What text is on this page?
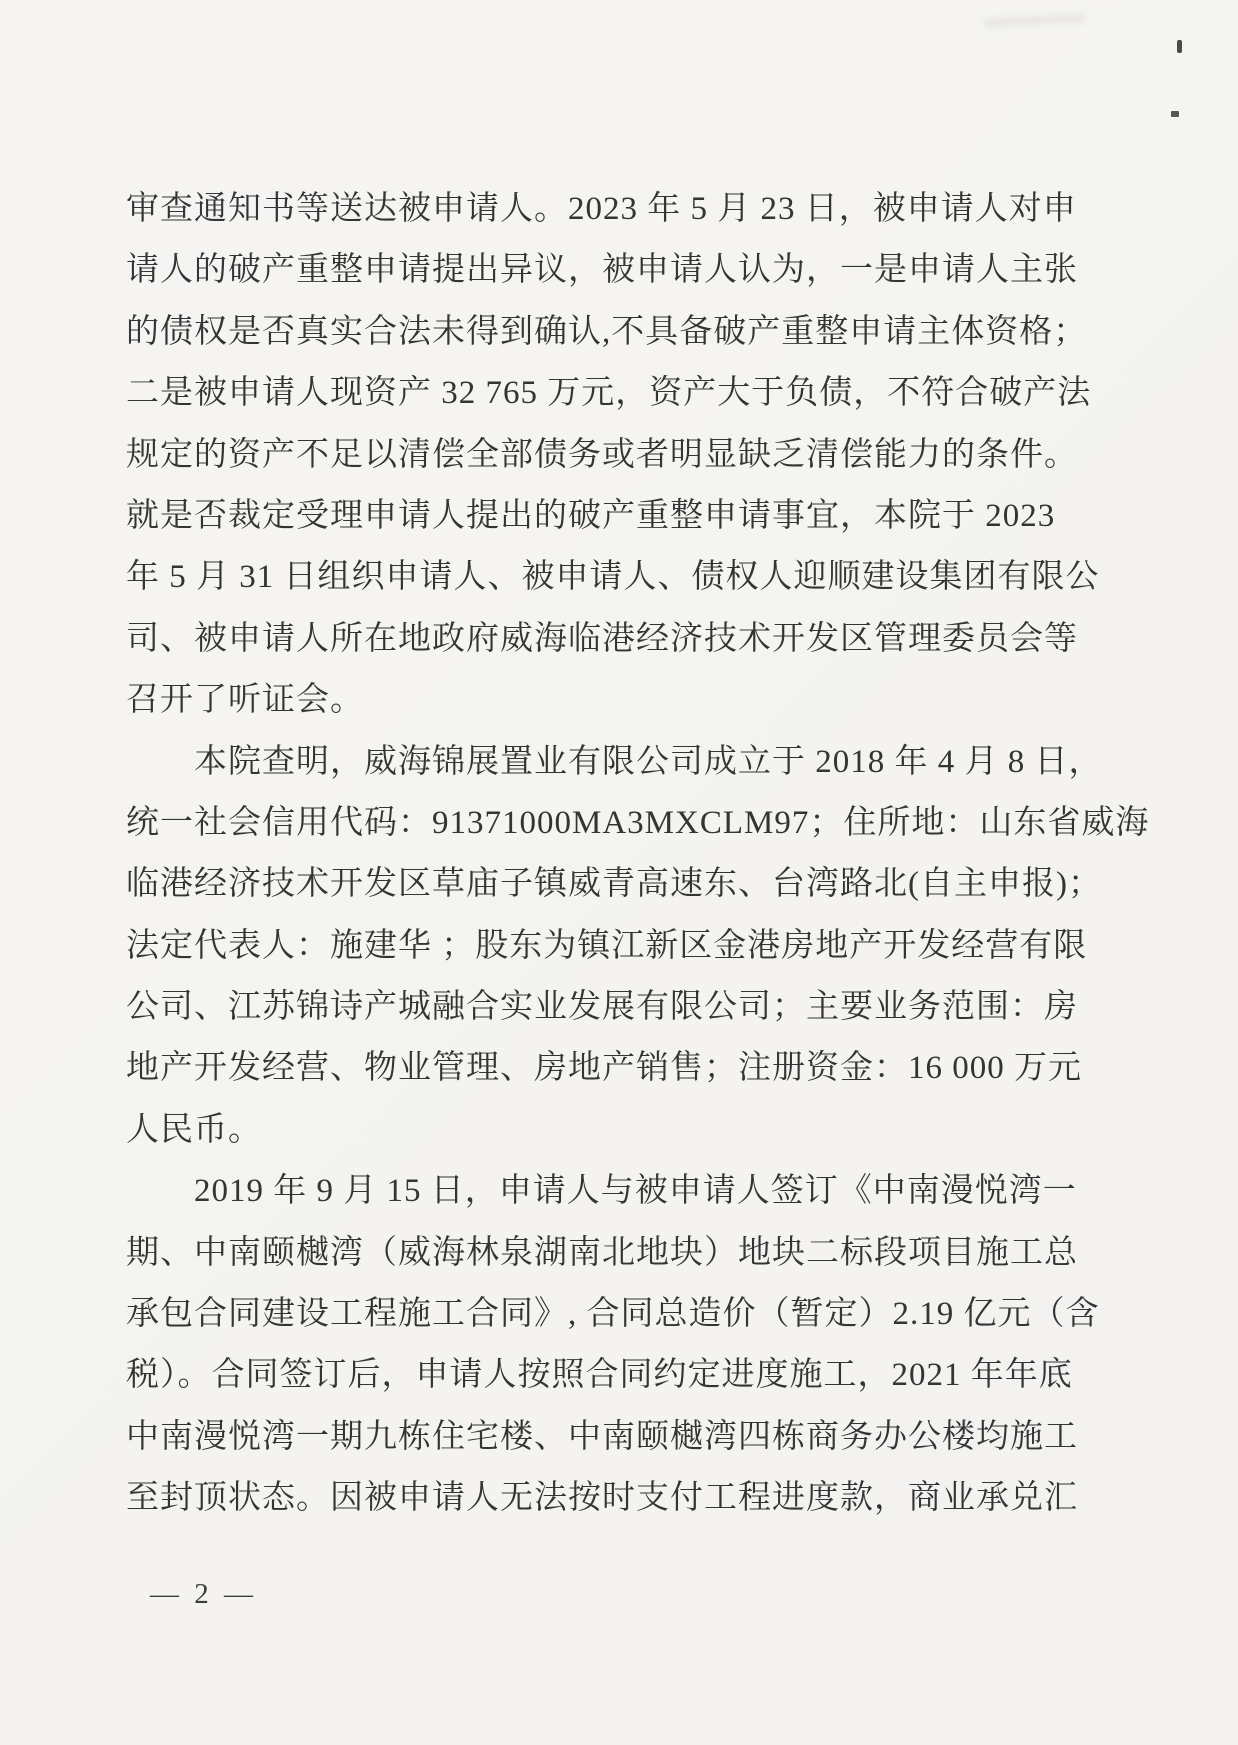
审查通知书等送达被申请人。2023 年 5 月 23 日，被申请人对申
请人的破产重整申请提出异议，被申请人认为，一是申请人主张
的债权是否真实合法未得到确认,不具备破产重整申请主体资格；
二是被申请人现资产 32 765 万元，资产大于负债，不符合破产法
规定的资产不足以清偿全部债务或者明显缺乏清偿能力的条件。
就是否裁定受理申请人提出的破产重整申请事宜，本院于 2023
年 5 月 31 日组织申请人、被申请人、债权人迎顺建设集团有限公
司、被申请人所在地政府威海临港经济技术开发区管理委员会等
召开了听证会。
本院查明，威海锦展置业有限公司成立于 2018 年 4 月 8 日，
统一社会信用代码：91371000MA3MXCLM97；住所地：山东省威海
临港经济技术开发区草庙子镇威青高速东、台湾路北(自主申报)；
法定代表人：施建华 ；股东为镇江新区金港房地产开发经营有限
公司、江苏锦诗产城融合实业发展有限公司；主要业务范围：房
地产开发经营、物业管理、房地产销售；注册资金：16 000 万元
人民币。
2019 年 9 月 15 日，申请人与被申请人签订《中南漫悦湾一
期、中南颐樾湾（威海林泉湖南北地块）地块二标段项目施工总
承包合同建设工程施工合同》, 合同总造价（暂定）2.19 亿元（含
税）。合同签订后，申请人按照合同约定进度施工，2021 年年底
中南漫悦湾一期九栋住宅楼、中南颐樾湾四栋商务办公楼均施工
至封顶状态。因被申请人无法按时支付工程进度款，商业承兑汇
— 2 —
